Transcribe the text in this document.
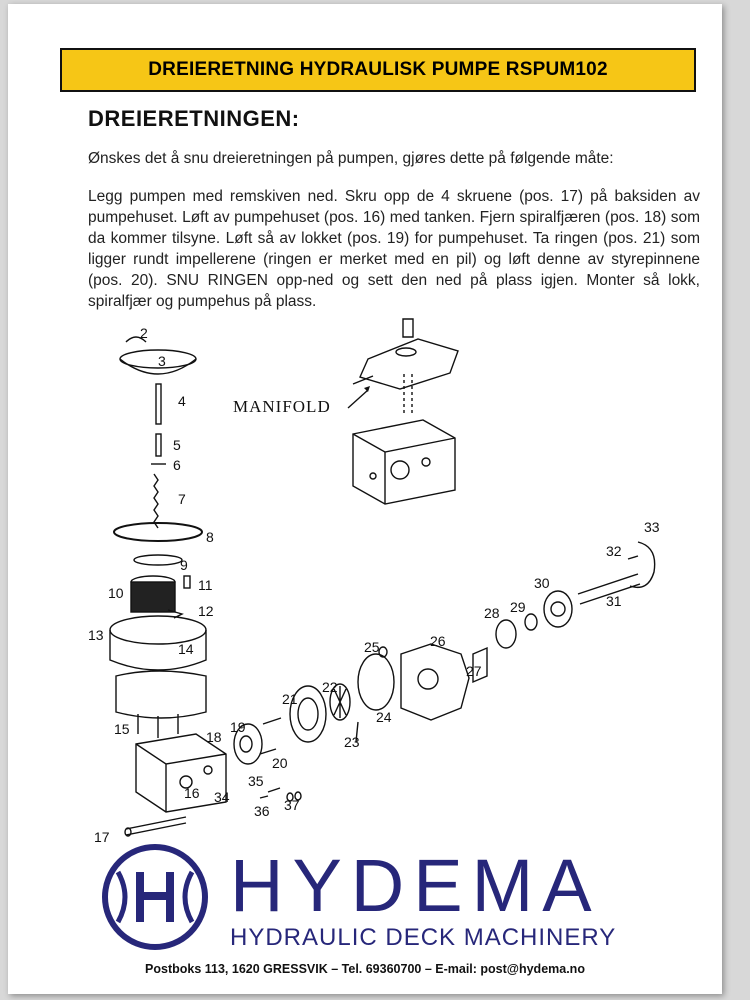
DREIERETNING HYDRAULISK PUMPE RSPUM102
DREIERETNINGEN:
Ønskes det å snu dreieretningen på pumpen, gjøres dette på følgende måte:
Legg pumpen med remskiven ned. Skru opp de 4 skruene (pos. 17) på baksiden av pumpehuset. Løft av pumpehuset (pos. 16) med tanken. Fjern spiralfjæren (pos. 18) som da kommer tilsyne. Løft så av lokket (pos. 19) for pumpehuset. Ta ringen (pos. 21) som ligger rundt impellerene (ringen er merket med en pil) og løft denne av styrepinnene (pos. 20). SNU RINGEN opp-ned og sett den ned på plass igjen. Monter så lokk, spiralfjær og pumpehus på plass.
MANIFOLD
2
3
4
5
6
7
8
9
10	11
12
13
14
15
16
17
18
19
20
21
22
23
24
25	26
27
28 29
30
31
32
33
34
35
36 37
HYDEMA
HYDRAULIC DECK MACHINERY
Postboks 113, 1620 GRESSVIK – Tel. 69360700 – E-mail: post@hydema.no
